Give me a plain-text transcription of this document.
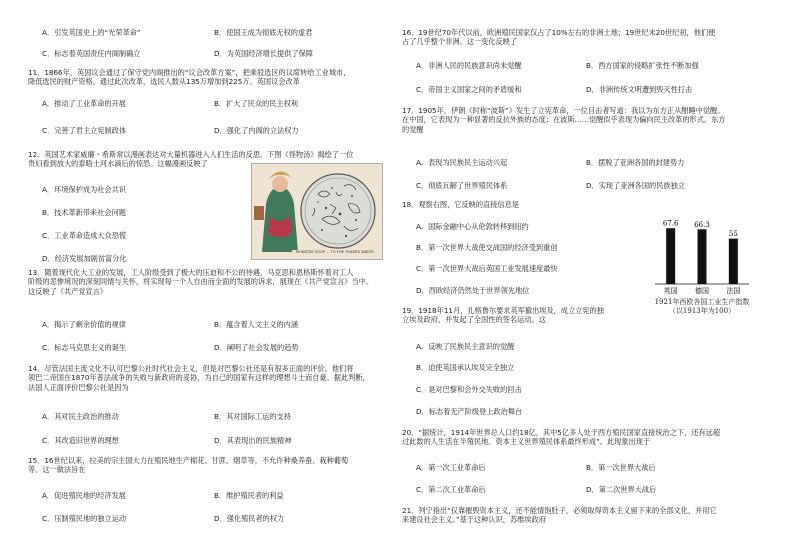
A．引发英国史上的“光荣革命”	B．使国王成为彻底无权的虚君
C．标志着英国责任内阁制确立	D．为英国经济增长提供了保障
11．1866年，英国议会通过了保守党内阁推出的“议会改革方案”，把乘驳选区的议席转给工业城市，
降低选民的财产资格。通过此次改革，选民人数从135万增加到225万。英国议会改革
A．推动了工业革命的开展	B．扩大了民众的民主权利
C．完善了君主立宪制政体	D．强化了内阁的立法权力
12．英国艺术家威廉・希斯常以漫画表达对大量机器进入人们生活的反思。下图《怪物汤》揭绘了一位
贵妇看到放大的泰晤士河水滴后的惊恐。这幅漫画反映了
A．环境保护成为社会共识
B．技术革新带来社会问题
C．工业革命造成大众恐慌
D．经济发展加剧贫富分化
MONSTER SOUP ... TO THE THAMES WATER
13．随着现代化大工业的发展，工人阶级受到了极大的压迫和不公的待遇，马克思和恩格斯怀着对工人
阶级的悲惨境况的深刻同情与关怀，将实现每一个人自由而全面的发展的诉求，展现在《共产党宣言》当中。
这反映了《共产党宣言》
A．揭示了剩余价值的规律	B．蕴含着人文主义的内涵
C．标志马克思主义的诞生	D．阐明了社会发展的趋势
14．尽管法国主流文化不认可巴黎公社时代社会主义，但是对巴黎公社还是有很多正面的评价。他们将
领巴二帝国在1870年普法战争的失败与新政府的妥协，为自己的国家有这样的理想斗士而自豪。据此判断，
法国人正面评价巴黎公社是因为
A．其对民主政治的推动	B．其对国际工运的支持
C．其改造旧世界的理想	D．其表现出的民族精神
15．16世纪以来，拉美的宗主国大力在殖民地生产棉花、甘蔗、烟草等，不允许种桑养蚕、栽种葡萄
等。这一做法旨在
A．促进殖民地的经济发展	B．维护殖民者的利益
C．压制殖民地的独立运动	D．强化殖民者的权力
16．19世纪70年代以前，欧洲殖民国家仅占了10%左右的非洲土地；19世纪末20世纪初，他们便
占了几乎整个非洲。这一变化反映了
A．非洲人民的民族意识尚未觉醒	B．西方国家的侵略扩张性不断加强
C．帝国主义国家之间的矛盾缓和	D．非洲传统文明遭到毁灭性打击
17．1905年，伊朗《时称“波斯”》发生了立宪革命，一位目击者写道：我以为东方正从酣睡中觉醒。
在中国，它表现为一种显著的反抗外族的态度；在波斯……觉醒似乎表现为偏向民主改革的形式。东方
的觉醒
A．表现为民族民主运动兴起	B．摆脱了亚洲各国的封建势力
C．彻底瓦解了世界殖民体系	D．实现了亚洲各国的民族独立
18．观察右图，它反映的直接信息是
A．国际金融中心从伦敦转移到纽约
B．第一次世界大战使交战国的经济受到重创
C．第一次世界大战后英国工业发展速度最快
D．西欧经济仍然处于世界领先地位
67.6
英国
66.3
德国
55
法国
1921年西欧各国工业生产指数
（以1913年为100）
19．1918年11月，扎格鲁尔要求英军撤出埃及，成立立宪的独
立埃及政府，并发起了全国性的签名运动。这
A．反映了民族民主意识的觉醒
B．迫使英国承认埃及完全独立
C．是对巴黎和会外交失败的回击
D．标志着无产阶级登上政治舞台
20．“据统计，1914年世界总人口约18亿，其中5亿多人处于西方殖民国家直接统治之下，还有远超
过此数的人生活在半殖民地。资本主义世界殖民体系最终形成”。此现象出现于
A．第一次工业革命后	B．第一次世界大战后
C．第二次工业革命后	D．第二次世界大战后
21．列宁指出“仅靠摧毁资本主义，还不能情饱肚子，必须取得资本主义留下来的全部文化，并用它
来建设社会主义。”基于这种认识，苏维埃政府
